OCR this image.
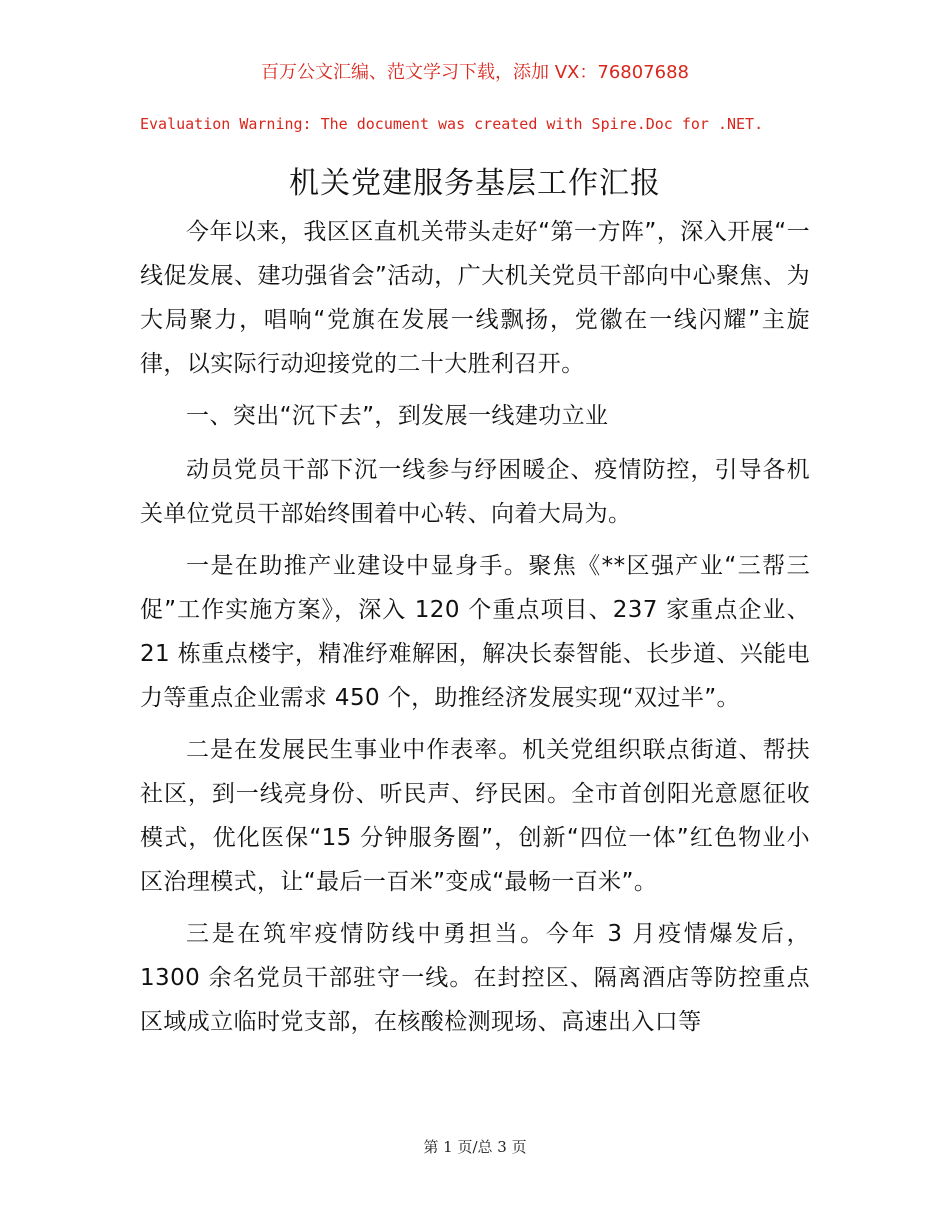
百万公文汇编、范文学习下载，添加 VX：76807688
Evaluation Warning: The document was created with Spire.Doc for .NET.
机关党建服务基层工作汇报

今年以来，我区区直机关带头走好“第一方阵”，深入开展“一线促发展、建功强省会”活动，广大机关党员干部向中心聚焦、为大局聚力，唱响“党旗在发展一线飘扬，党徽在一线闪耀”主旋律，以实际行动迎接党的二十大胜利召开。

一、突出“沉下去”，到发展一线建功立业

动员党员干部下沉一线参与纾困暖企、疫情防控，引导各机关单位党员干部始终围着中心转、向着大局为。

一是在助推产业建设中显身手。聚焦《**区强产业“三帮三促”工作实施方案》，深入 120 个重点项目、237 家重点企业、21 栋重点楼宇，精准纾难解困，解决长泰智能、长步道、兴能电力等重点企业需求 450 个，助推经济发展实现“双过半”。

二是在发展民生事业中作表率。机关党组织联点街道、帮扶社区，到一线亮身份、听民声、纾民困。全市首创阳光意愿征收模式，优化医保“15 分钟服务圈”，创新“四位一体”红色物业小区治理模式，让“最后一百米”变成“最畅一百米”。

三是在筑牢疫情防线中勇担当。今年 3 月疫情爆发后，1300 余名党员干部驻守一线。在封控区、隔离酒店等防控重点区域成立临时党支部，在核酸检测现场、高速出入口等

第 1 页/总 3 页
